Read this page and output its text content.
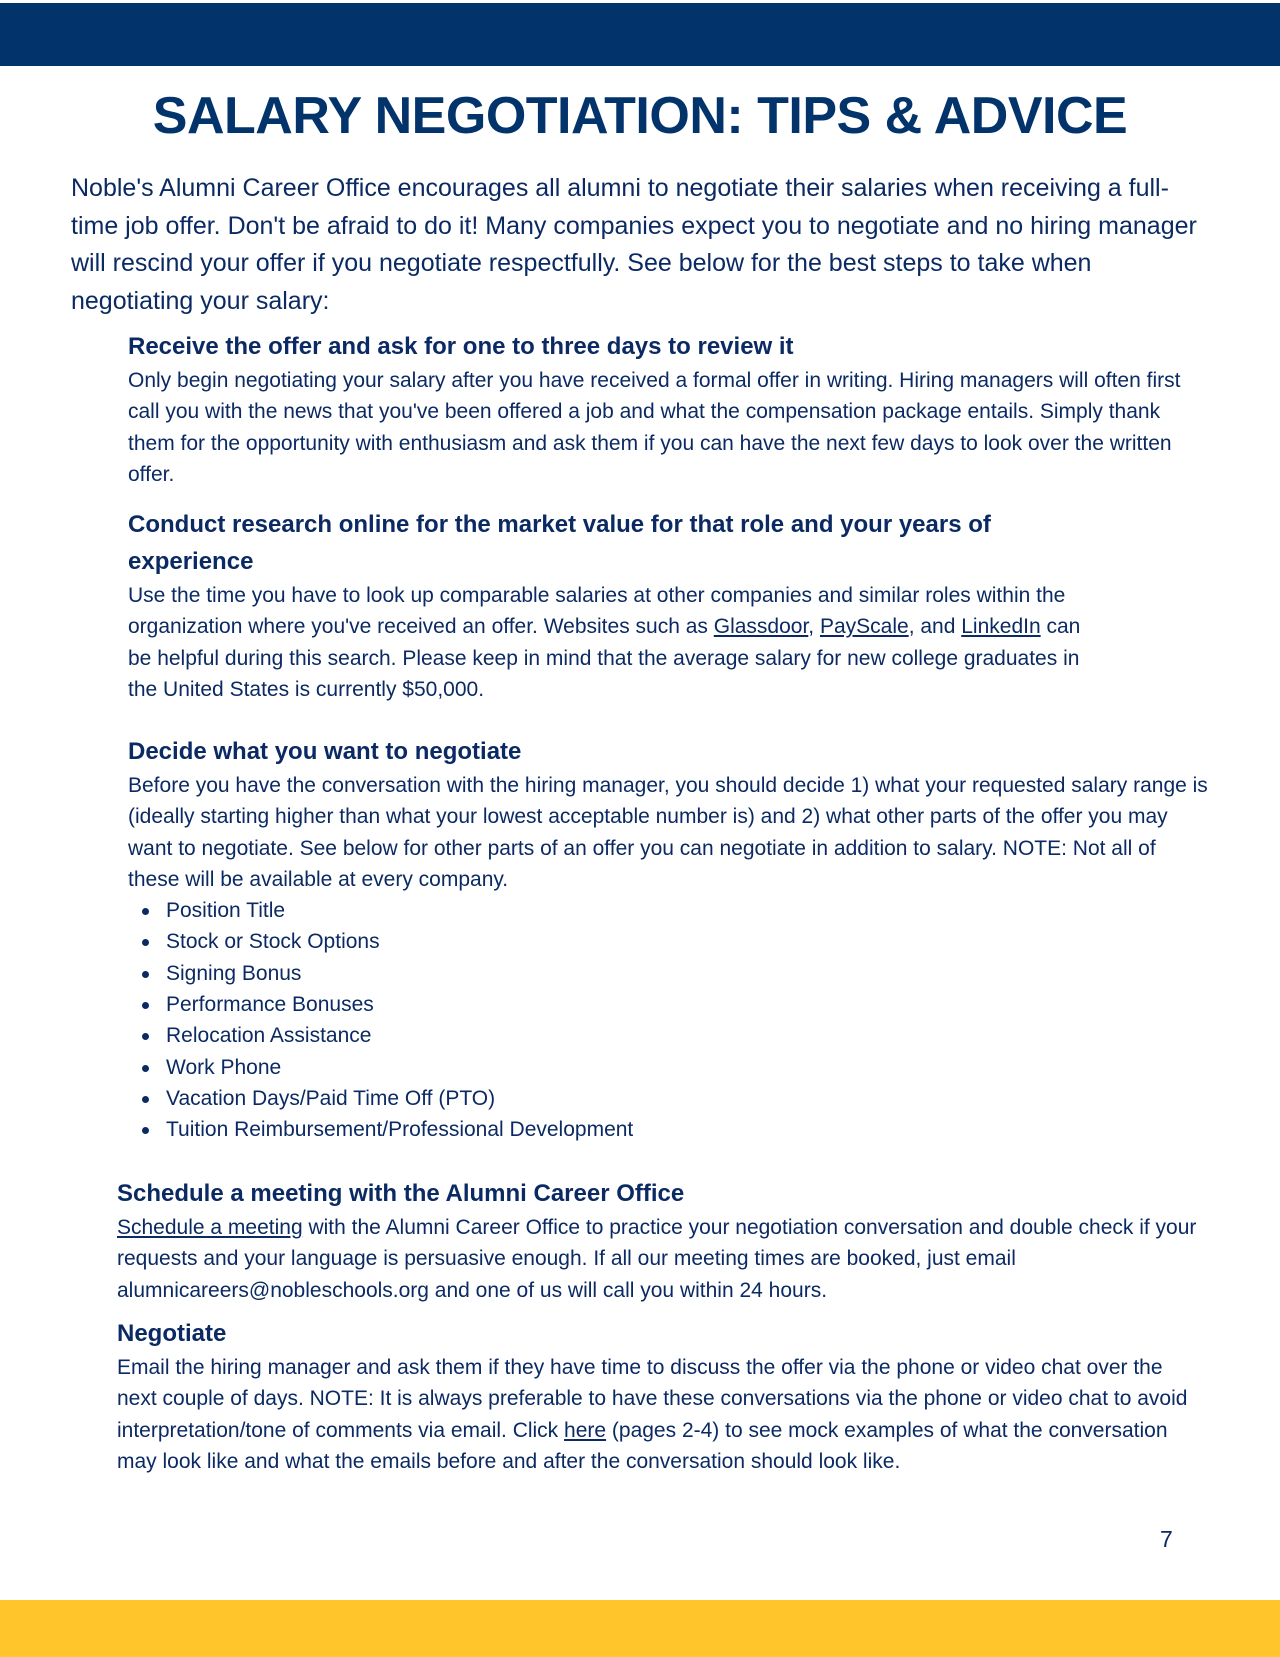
SALARY NEGOTIATION: TIPS & ADVICE

Noble's Alumni Career Office encourages all alumni to negotiate their salaries when receiving a full-time job offer. Don't be afraid to do it! Many companies expect you to negotiate and no hiring manager will rescind your offer if you negotiate respectfully. See below for the best steps to take when negotiating your salary:

Receive the offer and ask for one to three days to review it

Only begin negotiating your salary after you have received a formal offer in writing. Hiring managers will often first call you with the news that you've been offered a job and what the compensation package entails. Simply thank them for the opportunity with enthusiasm and ask them if you can have the next few days to look over the written offer.

Conduct research online for the market value for that role and your years of experience

Use the time you have to look up comparable salaries at other companies and similar roles within the organization where you've received an offer. Websites such as Glassdoor, PayScale, and LinkedIn can be helpful during this search. Please keep in mind that the average salary for new college graduates in the United States is currently $50,000.

Decide what you want to negotiate

Before you have the conversation with the hiring manager, you should decide 1) what your requested salary range is (ideally starting higher than what your lowest acceptable number is) and 2) what other parts of the offer you may want to negotiate. See below for other parts of an offer you can negotiate in addition to salary. NOTE: Not all of these will be available at every company.

Position Title
Stock or Stock Options
Signing Bonus
Performance Bonuses
Relocation Assistance
Work Phone
Vacation Days/Paid Time Off (PTO)
Tuition Reimbursement/Professional Development
Schedule a meeting with the Alumni Career Office

Schedule a meeting with the Alumni Career Office to practice your negotiation conversation and double check if your requests and your language is persuasive enough. If all our meeting times are booked, just email alumnicareers@nobleschools.org and one of us will call you within 24 hours.

Negotiate

Email the hiring manager and ask them if they have time to discuss the offer via the phone or video chat over the next couple of days. NOTE: It is always preferable to have these conversations via the phone or video chat to avoid interpretation/tone of comments via email. Click here (pages 2-4) to see mock examples of what the conversation may look like and what the emails before and after the conversation should look like.

7
